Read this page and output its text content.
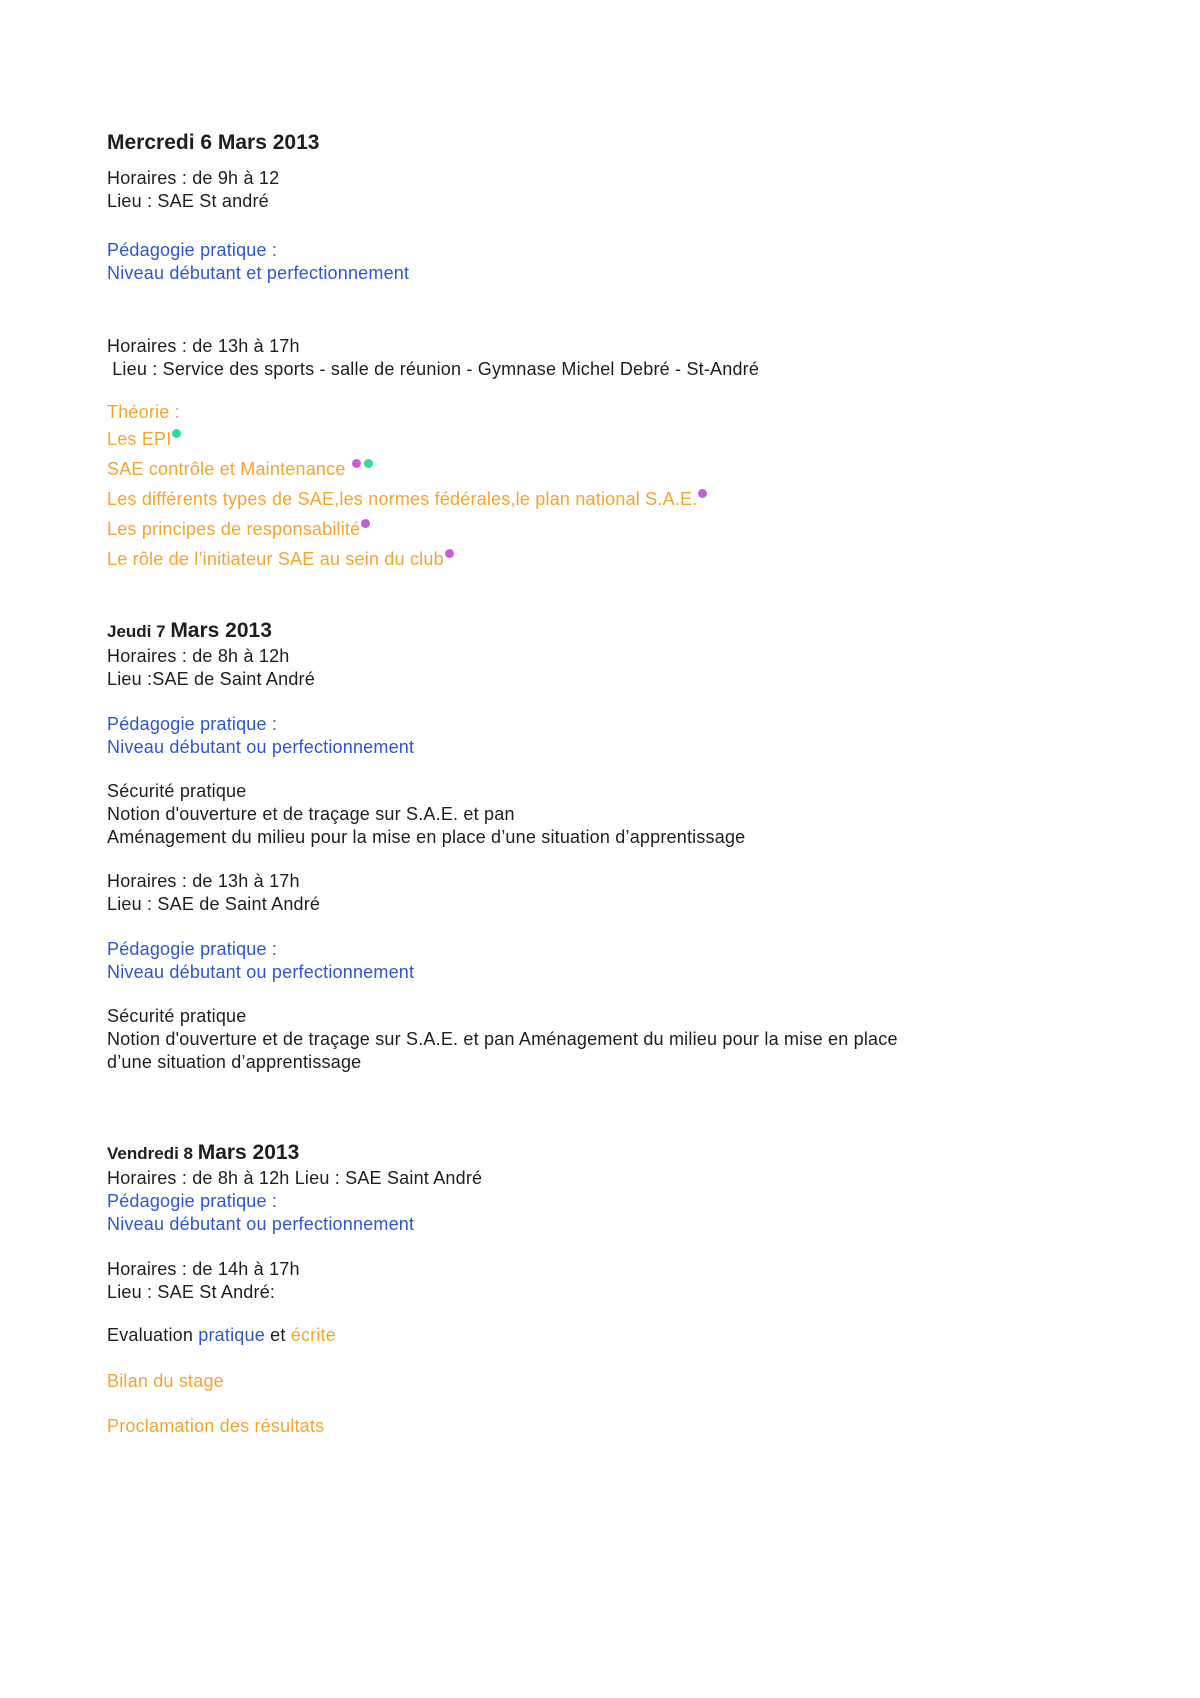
Mercredi 6 Mars 2013

Horaires : de 9h à 12
Lieu : SAE St andré

Pédagogie pratique :
Niveau débutant et perfectionnement

Horaires : de 13h à 17h
Lieu : Service des sports - salle de réunion - Gymnase Michel Debré - St-André

Théorie :

Les EPI

SAE contrôle et Maintenance

Les différents types de SAE,les normes fédérales,le plan national S.A.E.

Les principes de responsabilité

Le rôle de l’initiateur SAE au sein du club

Jeudi 7 Mars 2013

Horaires : de 8h à 12h
Lieu :SAE de Saint André

Pédagogie pratique :
Niveau débutant ou perfectionnement

Sécurité pratique
Notion d'ouverture et de traçage sur S.A.E. et pan
Aménagement du milieu pour la mise en place d’une situation d’apprentissage

Horaires : de 13h à 17h
Lieu : SAE de Saint André

Pédagogie pratique :
Niveau débutant ou perfectionnement

Sécurité pratique
Notion d'ouverture et de traçage sur S.A.E. et pan Aménagement du milieu pour la mise en place d’une situation d’apprentissage

Vendredi 8 Mars 2013

Horaires : de 8h à 12h Lieu : SAE Saint André

Pédagogie pratique :
Niveau débutant ou perfectionnement

Horaires : de 14h à 17h
Lieu : SAE St André:

Evaluation pratique et écrite

Bilan du stage

Proclamation des résultats
